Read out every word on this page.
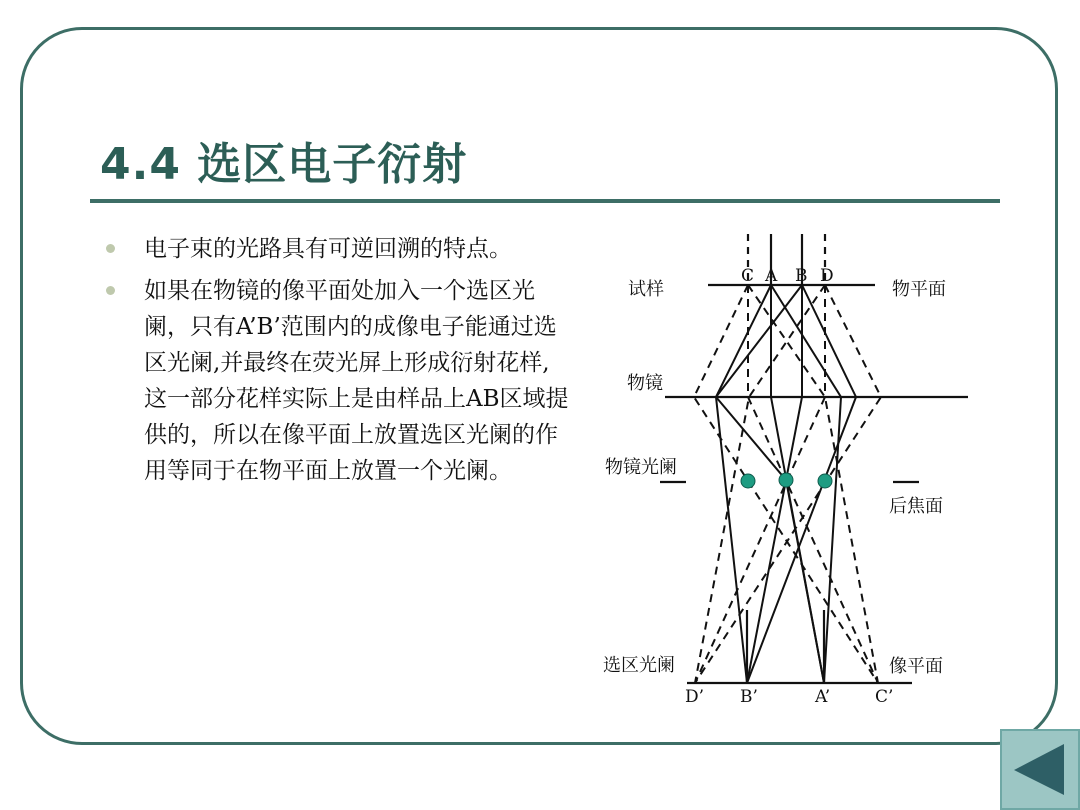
4.4 选区电子衍射
电子束的光路具有可逆回溯的特点。
如果在物镜的像平面处加入一个选区光阑，只有A’B’范围内的成像电子能通过选区光阑,并最终在荧光屏上形成衍射花样, 这一部分花样实际上是由样品上AB区域提供的，所以在像平面上放置选区光阑的作用等同于在物平面上放置一个光阑。
试样	物平面
物镜
物镜光阑
后焦面
选区光阑	像平面
C A B D
D’ B’	A’	C’
